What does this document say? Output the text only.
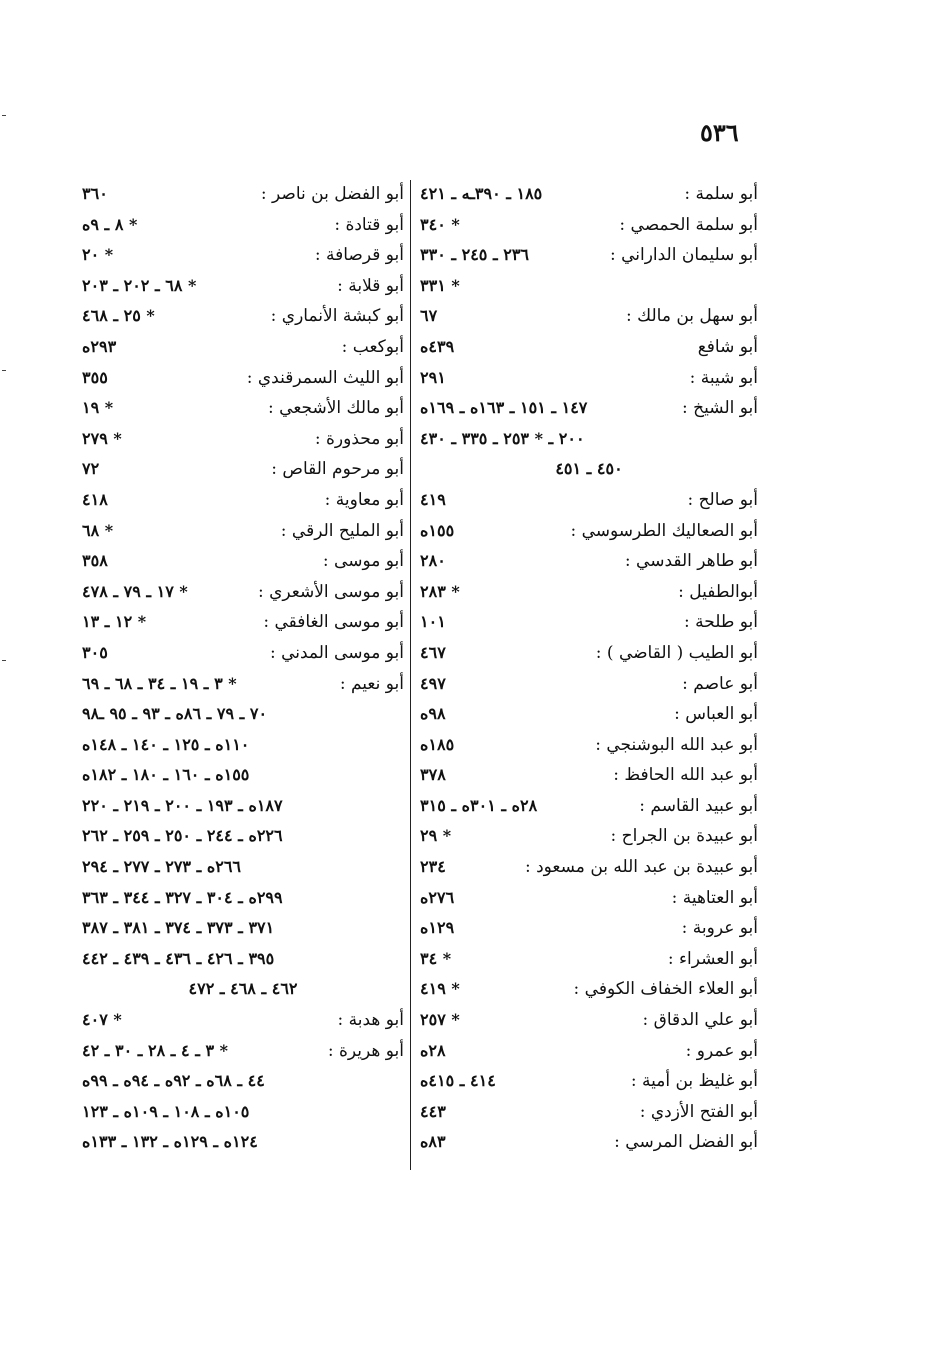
٥٣٦
أبو سلمة :
١٨٥ ـ ٣٩٠ـه ـ ٤٢١
أبو سلمة الحمصي :
* ٣٤٠
أبو سليمان الداراني :
٢٣٦ ـ ٢٤٥ ـ ٣٣٠
* ٣٣١
أبو سهل بن مالك :
٦٧
أبو شافع
٤٣٩ه
أبو شيبة :
٢٩١
أبو الشيخ :
١٤٧ ـ ١٥١ ـ ١٦٣ه ـ ١٦٩ه
٢٠٠ ـ * ٢٥٣ ـ ٣٣٥ ـ ٤٣٠
٤٥٠ ـ ٤٥١
أبو صالح :
٤١٩
أبو الصعاليك الطرسوسي :
١٥٥ه
أبو طاهر القدسي :
٢٨٠
أبوالطفيل :
* ٢٨٣
أبو طلحة :
١٠١
أبو الطيب ( القاضي ) :
٤٦٧
أبو عاصم :
٤٩٧
أبو العباس :
٩٨ه
أبو عبد الله البوشنجي :
١٨٥ه
أبو عبد الله الحافظ :
٣٧٨
أبو عبيد القاسم :
٢٨ه ـ ٣٠١ه ـ ٣١٥
أبو عبيدة بن الجراح :
* ٢٩
أبو عبيدة بن عبد الله بن مسعود :
٢٣٤
أبو العتاهية :
٢٧٦ه
أبو عروبة :
١٢٩ه
أبو العشراء :
* ٣٤
أبو العلاء الخفاف الكوفي :
* ٤١٩
أبو علي الدقاق :
* ٢٥٧
أبو عمرو :
٢٨ه
أبو غليظ بن أمية :
٤١٤ ـ ٤١٥ه
أبو الفتح الأزدي :
٤٤٣
أبو الفضل المرسي :
٨٣ه
أبو الفضل بن ناصر :
٣٦٠
أبو قتادة :
* ٨ ـ ٩ه
أبو قرصافة :
* ٢٠
أبو قلابة :
* ٦٨ ـ ٢٠٢ ـ ٢٠٣
أبو كبشة الأنماري :
* ٢٥ ـ ٤٦٨
أبوكعب :
٢٩٣ه
أبو الليث السمرقندي :
٣٥٥
أبو مالك الأشجعي :
* ١٩
أبو محذورة :
* ٢٧٩
أبو مرحوم القاص :
٧٢
أبو معاوية :
٤١٨
أبو المليح الرقي :
* ٦٨
أبو موسى :
٣٥٨
أبو موسى الأشعري :
* ١٧ ـ ٧٩ ـ ٤٧٨
أبو موسى الغافقي :
* ١٢ ـ ١٣
أبو موسى المدني :
٣٠٥
أبو نعيم :
* ٣ ـ ١٩ ـ ٣٤ ـ ٦٨ ـ ٦٩
٧٠ ـ ٧٩ ـ ٨٦ه ـ ٩٣ ـ ٩٥ ـ٩٨
١١٠ه ـ ١٢٥ ـ ١٤٠ ـ ١٤٨ه
١٥٥ه ـ ١٦٠ ـ ١٨٠ ـ ١٨٢ه
١٨٧ه ـ ١٩٣ ـ ٢٠٠ ـ ٢١٩ ـ ٢٢٠
٢٢٦ه ـ ٢٤٤ ـ ٢٥٠ ـ ٢٥٩ ـ ٢٦٢
٢٦٦ه ـ ٢٧٣ ـ ٢٧٧ ـ ٢٩٤
٢٩٩ه ـ ٣٠٤ ـ ٣٢٧ ـ ٣٤٤ ـ ٣٦٣
٣٧١ ـ ٣٧٣ ـ ٣٧٤ ـ ٣٨١ ـ ٣٨٧
٣٩٥ ـ ٤٢٦ ـ ٤٣٦ ـ ٤٣٩ ـ ٤٤٢
٤٦٢ ـ ٤٦٨ ـ ٤٧٢
أبو هدبة :
* ٤٠٧
أبو هريرة :
* ٣ ـ ٤ ـ ٢٨ ـ ٣٠ ـ ٤٢
٤٤ ـ ٦٨ه ـ ٩٢ه ـ ٩٤ه ـ ٩٩ه
١٠٥ه ـ ١٠٨ ـ ١٠٩ه ـ ١٢٣
١٢٤ه ـ ١٢٩ه ـ ١٣٢ ـ ١٣٣ه
